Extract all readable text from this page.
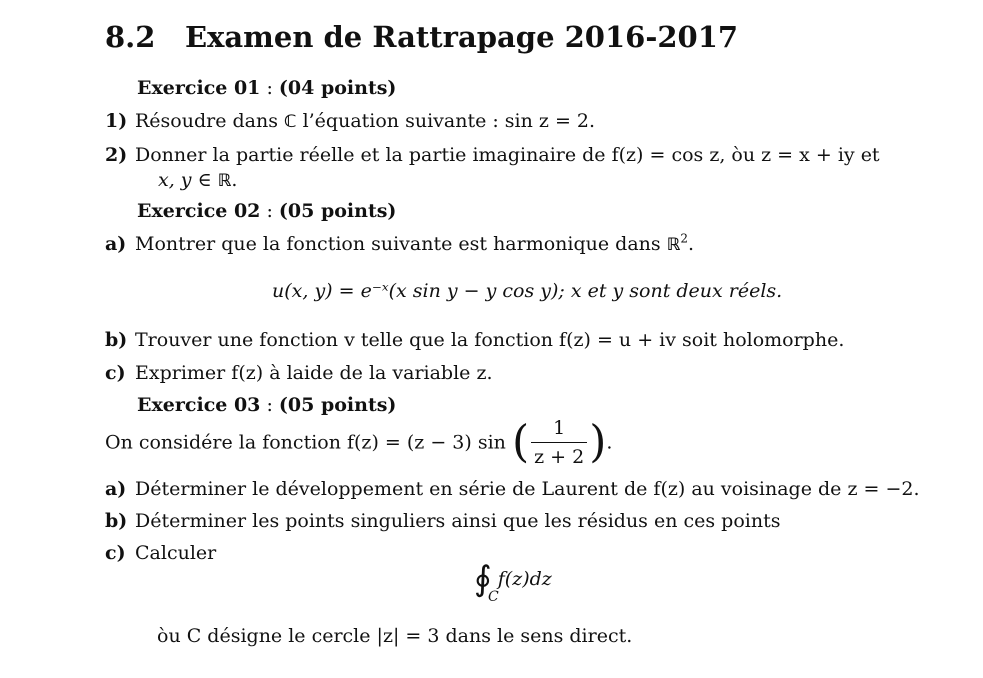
8.2 Examen de Rattrapage 2016-2017
Exercice 01 : (04 points)
1) Résoudre dans ℂ l’équation suivante : sin z = 2.
2) Donner la partie réelle et la partie imaginaire de f(z) = cos z, òu z = x + iy et
x, y ∈ ℝ.
Exercice 02 : (05 points)
a) Montrer que la fonction suivante est harmonique dans ℝ$^2$.
u(x, y) = e⁻ˣ(x sin y − y cos y); x et y sont deux réels.
b) Trouver une fonction v telle que la fonction f(z) = u + iv soit holomorphe.
c) Exprimer f(z) à laide de la variable z.
Exercice 03 : (05 points)
On considére la fonction f(z) = (z − 3) sin ( $\frac{1}{z + 2}$ ).
a) Déterminer le développement en série de Laurent de f(z) au voisinage de z = −2.
b) Déterminer les points singuliers ainsi que les résidus en ces points
c) Calculer
∮
C
f(z)dz
òu C désigne le cercle |z| = 3 dans le sens direct.
